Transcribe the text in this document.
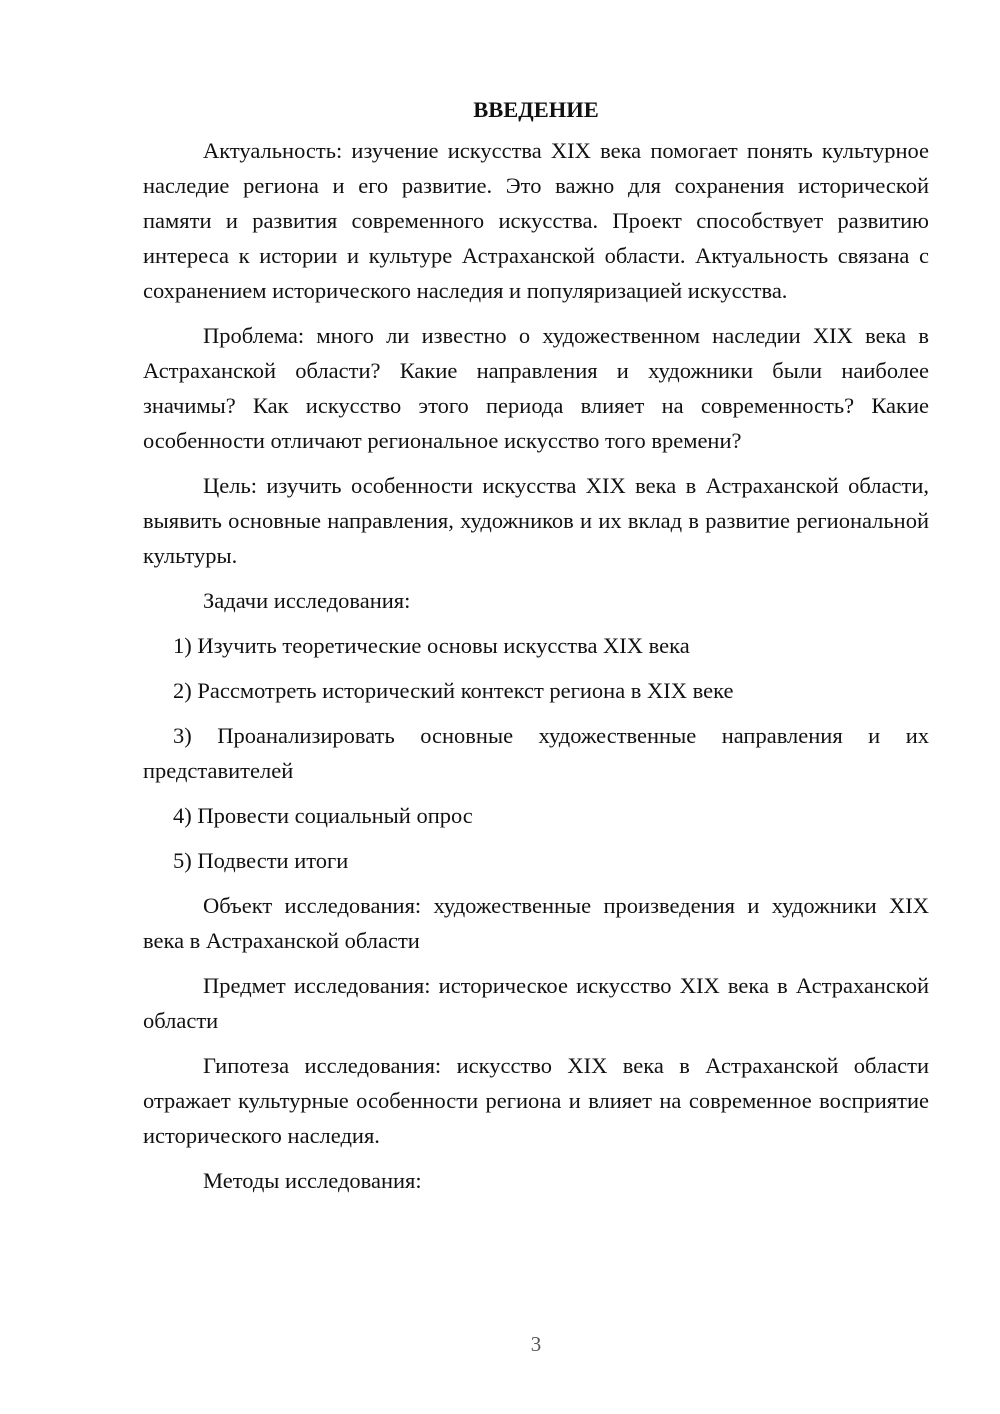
ВВЕДЕНИЕ

Актуальность: изучение искусства XIX века помогает понять культурное наследие региона и его развитие. Это важно для сохранения исторической памяти и развития современного искусства. Проект способствует развитию интереса к истории и культуре Астраханской области. Актуальность связана с сохранением исторического наследия и популяризацией искусства.

Проблема: много ли известно о художественном наследии XIX века в Астраханской области? Какие направления и художники были наиболее значимы? Как искусство этого периода влияет на современность? Какие особенности отличают региональное искусство того времени?

Цель: изучить особенности искусства XIX века в Астраханской области, выявить основные направления, художников и их вклад в развитие региональной культуры.

Задачи исследования:

1) Изучить теоретические основы искусства XIX века

2) Рассмотреть исторический контекст региона в XIX веке

3) Проанализировать основные художественные направления и их представителей

4) Провести социальный опрос

5) Подвести итоги

Объект исследования: художественные произведения и художники XIX века в Астраханской области

Предмет исследования: историческое искусство XIX века в Астраханской области

Гипотеза исследования: искусство XIX века в Астраханской области отражает культурные особенности региона и влияет на современное восприятие исторического наследия.

Методы исследования:

3
